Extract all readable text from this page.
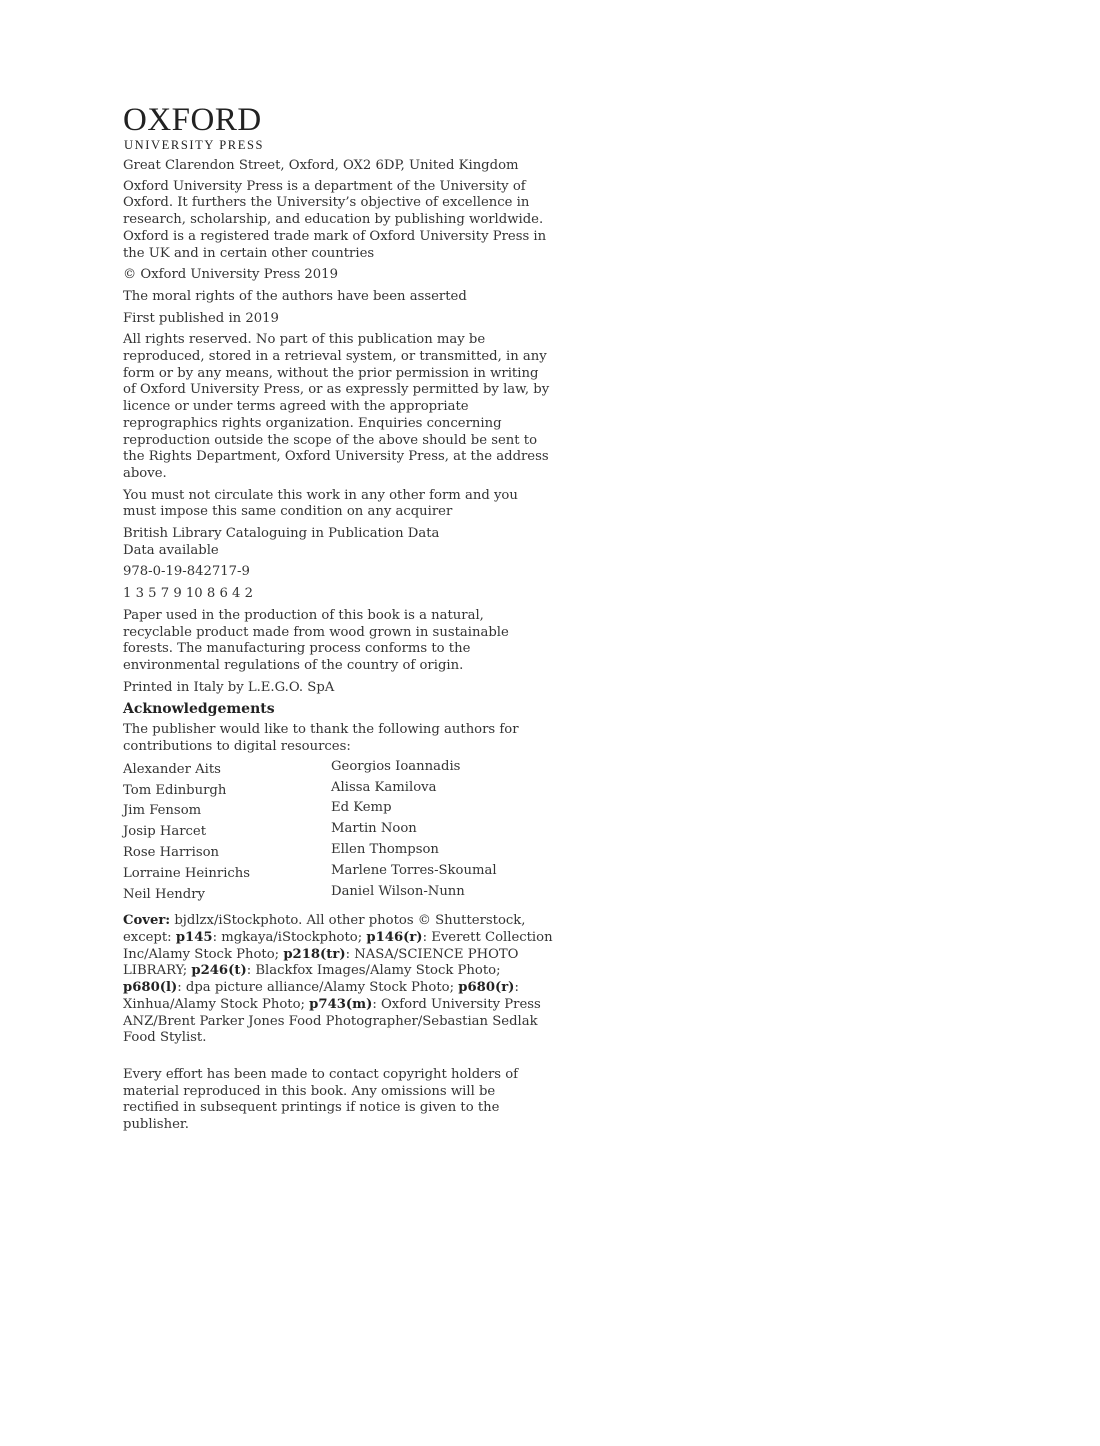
OXFORD
UNIVERSITY PRESS

Great Clarendon Street, Oxford, OX2 6DP, United Kingdom

Oxford University Press is a department of the University of Oxford. It furthers the University’s objective of excellence in research, scholarship, and education by publishing worldwide. Oxford is a registered trade mark of Oxford University Press in the UK and in certain other countries

© Oxford University Press 2019

The moral rights of the authors have been asserted

First published in 2019

All rights reserved. No part of this publication may be reproduced, stored in a retrieval system, or transmitted, in any form or by any means, without the prior permission in writing of Oxford University Press, or as expressly permitted by law, by licence or under terms agreed with the appropriate reprographics rights organization. Enquiries concerning reproduction outside the scope of the above should be sent to the Rights Department, Oxford University Press, at the address above.

You must not circulate this work in any other form and you must impose this same condition on any acquirer

British Library Cataloguing in Publication Data
Data available

978-0-19-842717-9

1 3 5 7 9 10 8 6 4 2

Paper used in the production of this book is a natural, recyclable product made from wood grown in sustainable forests. The manufacturing process conforms to the environmental regulations of the country of origin.

Printed in Italy by L.E.G.O. SpA

Acknowledgements

The publisher would like to thank the following authors for contributions to digital resources:

Alexander Aits
Tom Edinburgh
Jim Fensom
Josip Harcet
Rose Harrison
Lorraine Heinrichs
Neil Hendry
Georgios Ioannadis
Alissa Kamilova
Ed Kemp
Martin Noon
Ellen Thompson
Marlene Torres-Skoumal
Daniel Wilson-Nunn

Cover: bjdlzx/iStockphoto. All other photos © Shutterstock, except: p145: mgkaya/iStockphoto; p146(r): Everett Collection Inc/Alamy Stock Photo; p218(tr): NASA/SCIENCE PHOTO LIBRARY; p246(t): Blackfox Images/Alamy Stock Photo; p680(l): dpa picture alliance/Alamy Stock Photo; p680(r): Xinhua/Alamy Stock Photo; p743(m): Oxford University Press ANZ/Brent Parker Jones Food Photographer/Sebastian Sedlak Food Stylist.

Every effort has been made to contact copyright holders of material reproduced in this book. Any omissions will be rectified in subsequent printings if notice is given to the publisher.
